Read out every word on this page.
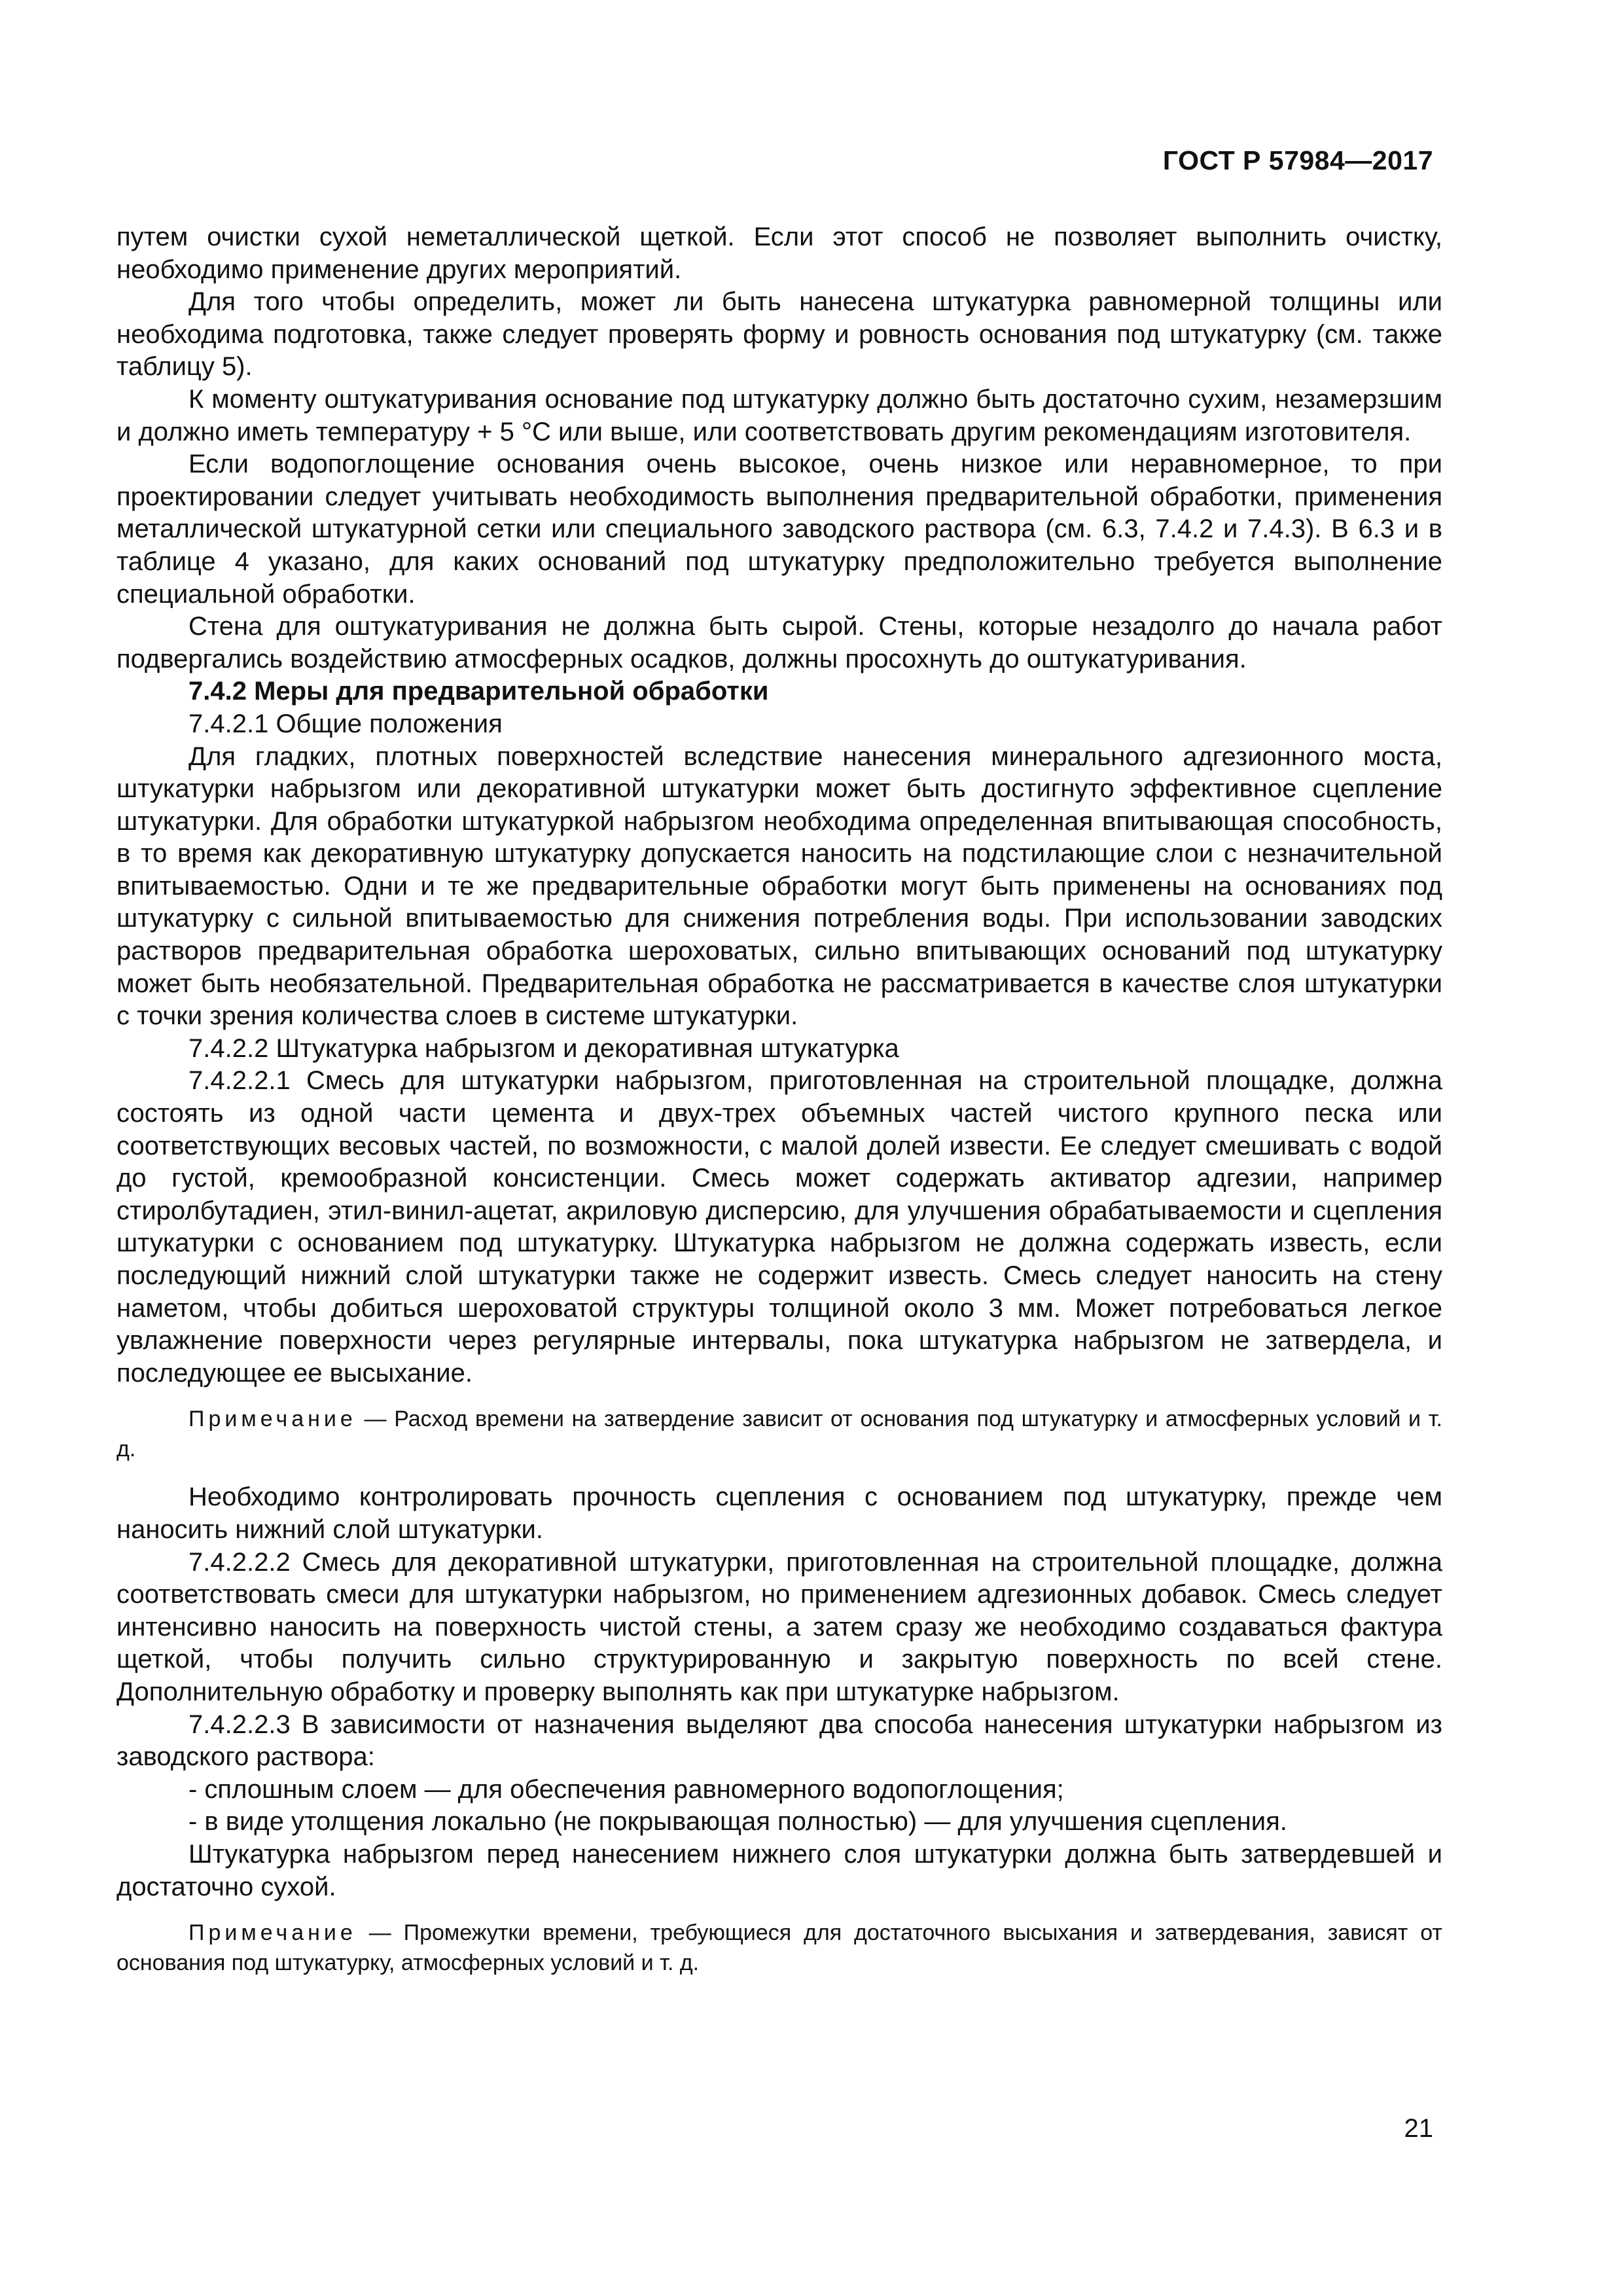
ГОСТ Р 57984—2017

путем очистки сухой неметаллической щеткой. Если этот способ не позволяет выполнить очистку, необходимо применение других мероприятий.

Для того чтобы определить, может ли быть нанесена штукатурка равномерной толщины или необходима подготовка, также следует проверять форму и ровность основания под штукатурку (см. также таблицу 5).

К моменту оштукатуривания основание под штукатурку должно быть достаточно сухим, незамерзшим и должно иметь температуру + 5 °С или выше, или соответствовать другим рекомендациям изготовителя.

Если водопоглощение основания очень высокое, очень низкое или неравномерное, то при проектировании следует учитывать необходимость выполнения предварительной обработки, применения металлической штукатурной сетки или специального заводского раствора (см. 6.3, 7.4.2 и 7.4.3). В 6.3 и в таблице 4 указано, для каких оснований под штукатурку предположительно требуется выполнение специальной обработки.

Стена для оштукатуривания не должна быть сырой. Стены, которые незадолго до начала работ подвергались воздействию атмосферных осадков, должны просохнуть до оштукатуривания.

7.4.2 Меры для предварительной обработки

7.4.2.1 Общие положения

Для гладких, плотных поверхностей вследствие нанесения минерального адгезионного моста, штукатурки набрызгом или декоративной штукатурки может быть достигнуто эффективное сцепление штукатурки. Для обработки штукатуркой набрызгом необходима определенная впитывающая способность, в то время как декоративную штукатурку допускается наносить на подстилающие слои с незначительной впитываемостью. Одни и те же предварительные обработки могут быть применены на основаниях под штукатурку с сильной впитываемостью для снижения потребления воды. При использовании заводских растворов предварительная обработка шероховатых, сильно впитывающих оснований под штукатурку может быть необязательной. Предварительная обработка не рассматривается в качестве слоя штукатурки с точки зрения количества слоев в системе штукатурки.

7.4.2.2 Штукатурка набрызгом и декоративная штукатурка

7.4.2.2.1 Смесь для штукатурки набрызгом, приготовленная на строительной площадке, должна состоять из одной части цемента и двух-трех объемных частей чистого крупного песка или соответствующих весовых частей, по возможности, с малой долей извести. Ее следует смешивать с водой до густой, кремообразной консистенции. Смесь может содержать активатор адгезии, например стиролбутадиен, этил-винил-ацетат, акриловую дисперсию, для улучшения обрабатываемости и сцепления штукатурки с основанием под штукатурку. Штукатурка набрызгом не должна содержать известь, если последующий нижний слой штукатурки также не содержит известь. Смесь следует наносить на стену наметом, чтобы добиться шероховатой структуры толщиной около 3 мм. Может потребоваться легкое увлажнение поверхности через регулярные интервалы, пока штукатурка набрызгом не затвердела, и последующее ее высыхание.

Примечание — Расход времени на затвердение зависит от основания под штукатурку и атмосферных условий и т. д.

Необходимо контролировать прочность сцепления с основанием под штукатурку, прежде чем наносить нижний слой штукатурки.

7.4.2.2.2 Смесь для декоративной штукатурки, приготовленная на строительной площадке, должна соответствовать смеси для штукатурки набрызгом, но применением адгезионных добавок. Смесь следует интенсивно наносить на поверхность чистой стены, а затем сразу же необходимо создаваться фактура щеткой, чтобы получить сильно структурированную и закрытую поверхность по всей стене. Дополнительную обработку и проверку выполнять как при штукатурке набрызгом.

7.4.2.2.3 В зависимости от назначения выделяют два способа нанесения штукатурки набрызгом из заводского раствора:

- сплошным слоем — для обеспечения равномерного водопоглощения;

- в виде утолщения локально (не покрывающая полностью) — для улучшения сцепления.

Штукатурка набрызгом перед нанесением нижнего слоя штукатурки должна быть затвердевшей и достаточно сухой.

Примечание — Промежутки времени, требующиеся для достаточного высыхания и затвердевания, зависят от основания под штукатурку, атмосферных условий и т. д.

21
